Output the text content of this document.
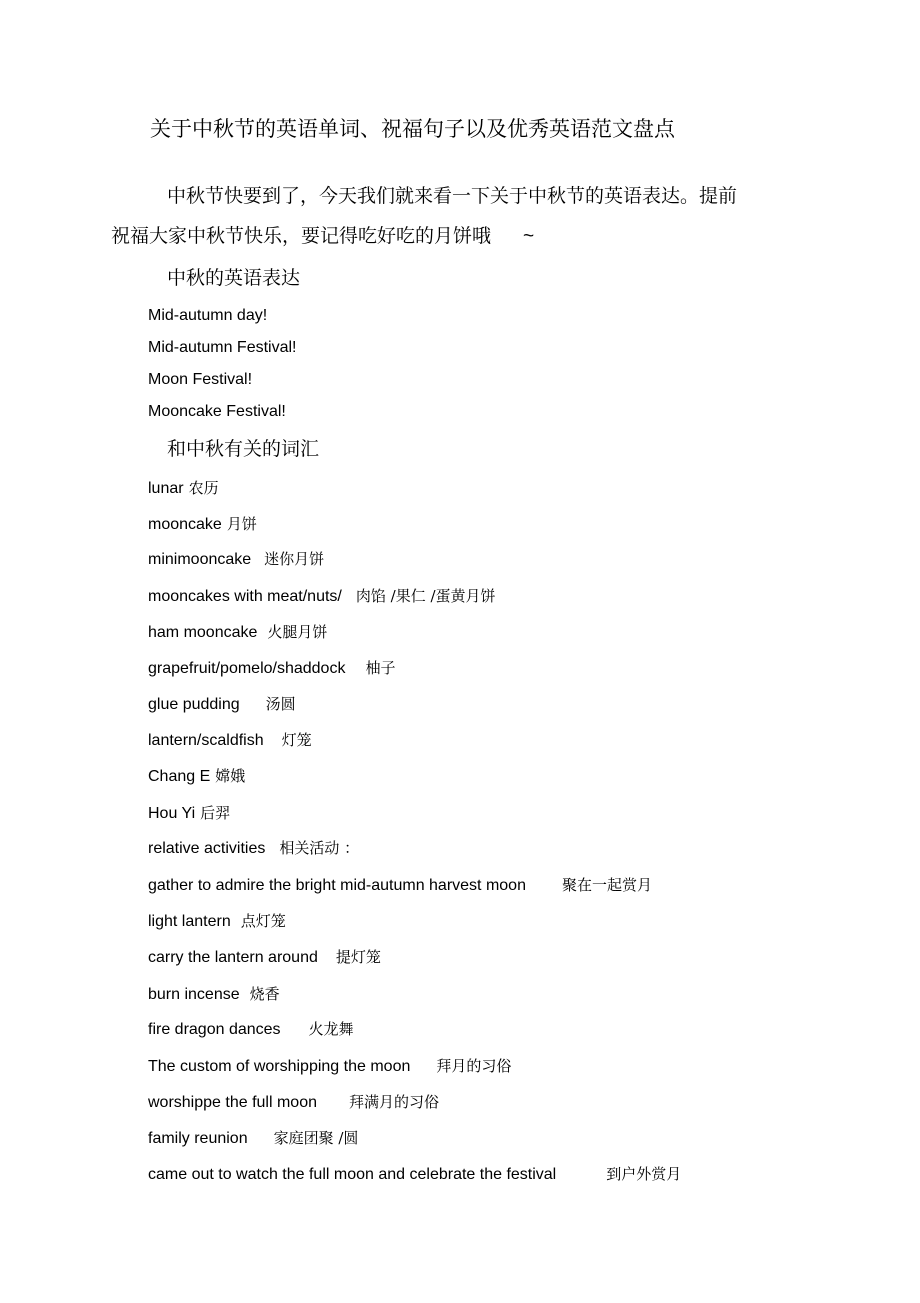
关于中秋节的英语单词、祝福句子以及优秀英语范文盘点
中秋节快要到了，今天我们就来看一下关于中秋节的英语表达。提前祝福大家中秋节快乐，要记得吃好吃的月饼哦 ~
中秋的英语表达
Mid-autumn day!
Mid-autumn Festival!
Moon Festival!
Mooncake Festival!
和中秋有关的词汇
lunar 农历
mooncake 月饼
minimooncake 迷你月饼
mooncakes with meat/nuts/ 肉馅 /果仁 /蛋黄月饼
ham mooncake 火腿月饼
grapefruit/pomelo/shaddock 柚子
glue pudding 汤圆
lantern/scaldfish 灯笼
Chang E 嫦娥
Hou Yi 后羿
relative activities 相关活动 ：
gather to admire the bright mid-autumn harvest moon 聚在一起赏月
light lantern 点灯笼
carry the lantern around 提灯笼
burn incense 烧香
fire dragon dances 火龙舞
The custom of worshipping the moon 拜月的习俗
worshippe the full moon 拜满月的习俗
family reunion 家庭团聚 /圆
came out to watch the full moon and celebrate the festival	到户外赏月
